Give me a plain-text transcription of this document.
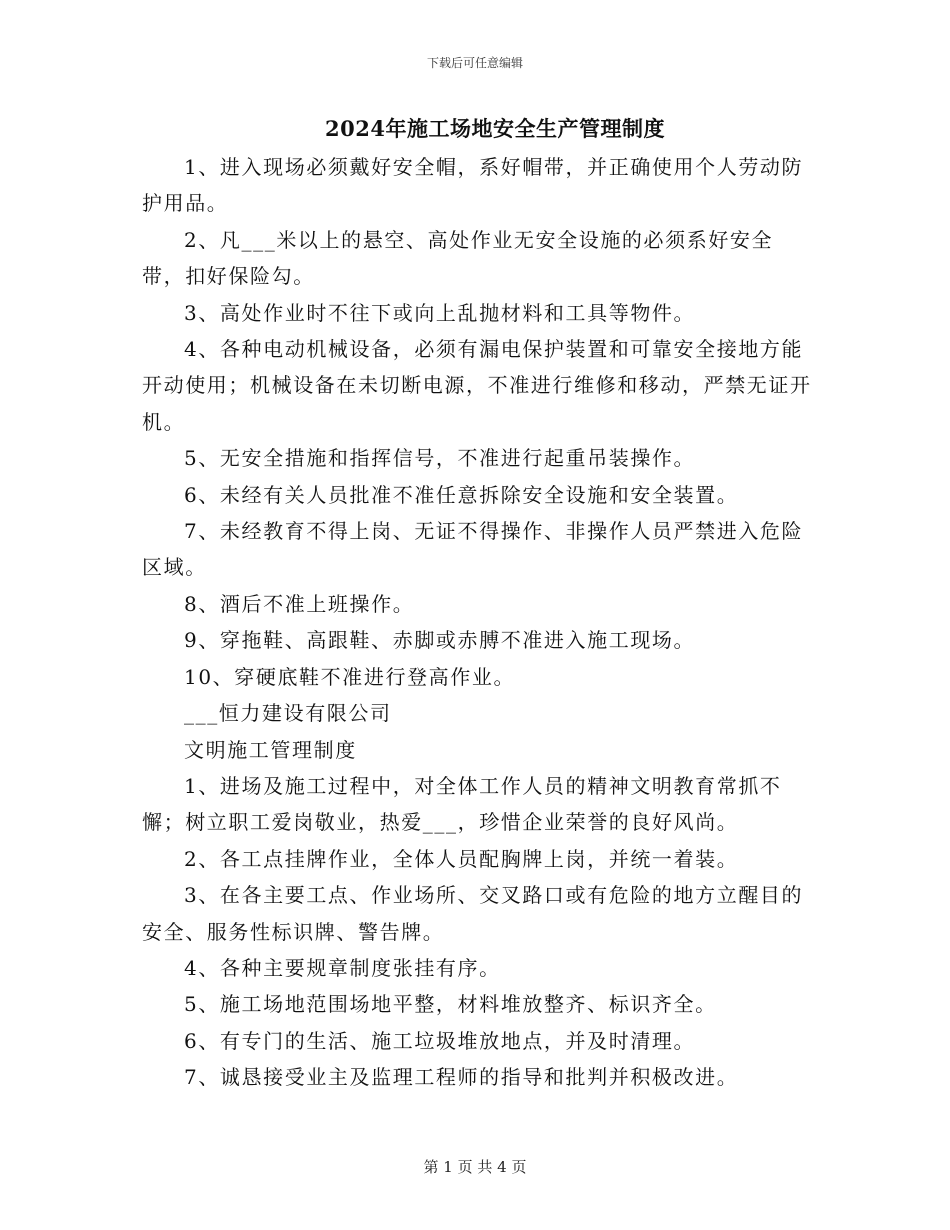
下载后可任意编辑
2024年施工场地安全生产管理制度

1、进入现场必须戴好安全帽，系好帽带，并正确使用个人劳动防护用品。

2、凡___米以上的悬空、高处作业无安全设施的必须系好安全带，扣好保险勾。

3、高处作业时不往下或向上乱抛材料和工具等物件。

4、各种电动机械设备，必须有漏电保护装置和可靠安全接地方能开动使用；机械设备在未切断电源，不准进行维修和移动，严禁无证开机。

5、无安全措施和指挥信号，不准进行起重吊装操作。

6、未经有关人员批准不准任意拆除安全设施和安全装置。

7、未经教育不得上岗、无证不得操作、非操作人员严禁进入危险区域。

8、酒后不准上班操作。

9、穿拖鞋、高跟鞋、赤脚或赤膊不准进入施工现场。

10、穿硬底鞋不准进行登高作业。

___恒力建设有限公司

文明施工管理制度

1、进场及施工过程中，对全体工作人员的精神文明教育常抓不懈；树立职工爱岗敬业，热爱___，珍惜企业荣誉的良好风尚。

2、各工点挂牌作业，全体人员配胸牌上岗，并统一着装。

3、在各主要工点、作业场所、交叉路口或有危险的地方立醒目的安全、服务性标识牌、警告牌。

4、各种主要规章制度张挂有序。

5、施工场地范围场地平整，材料堆放整齐、标识齐全。

6、有专门的生活、施工垃圾堆放地点，并及时清理。

7、诚恳接受业主及监理工程师的指导和批判并积极改进。

第 1 页 共 4 页
